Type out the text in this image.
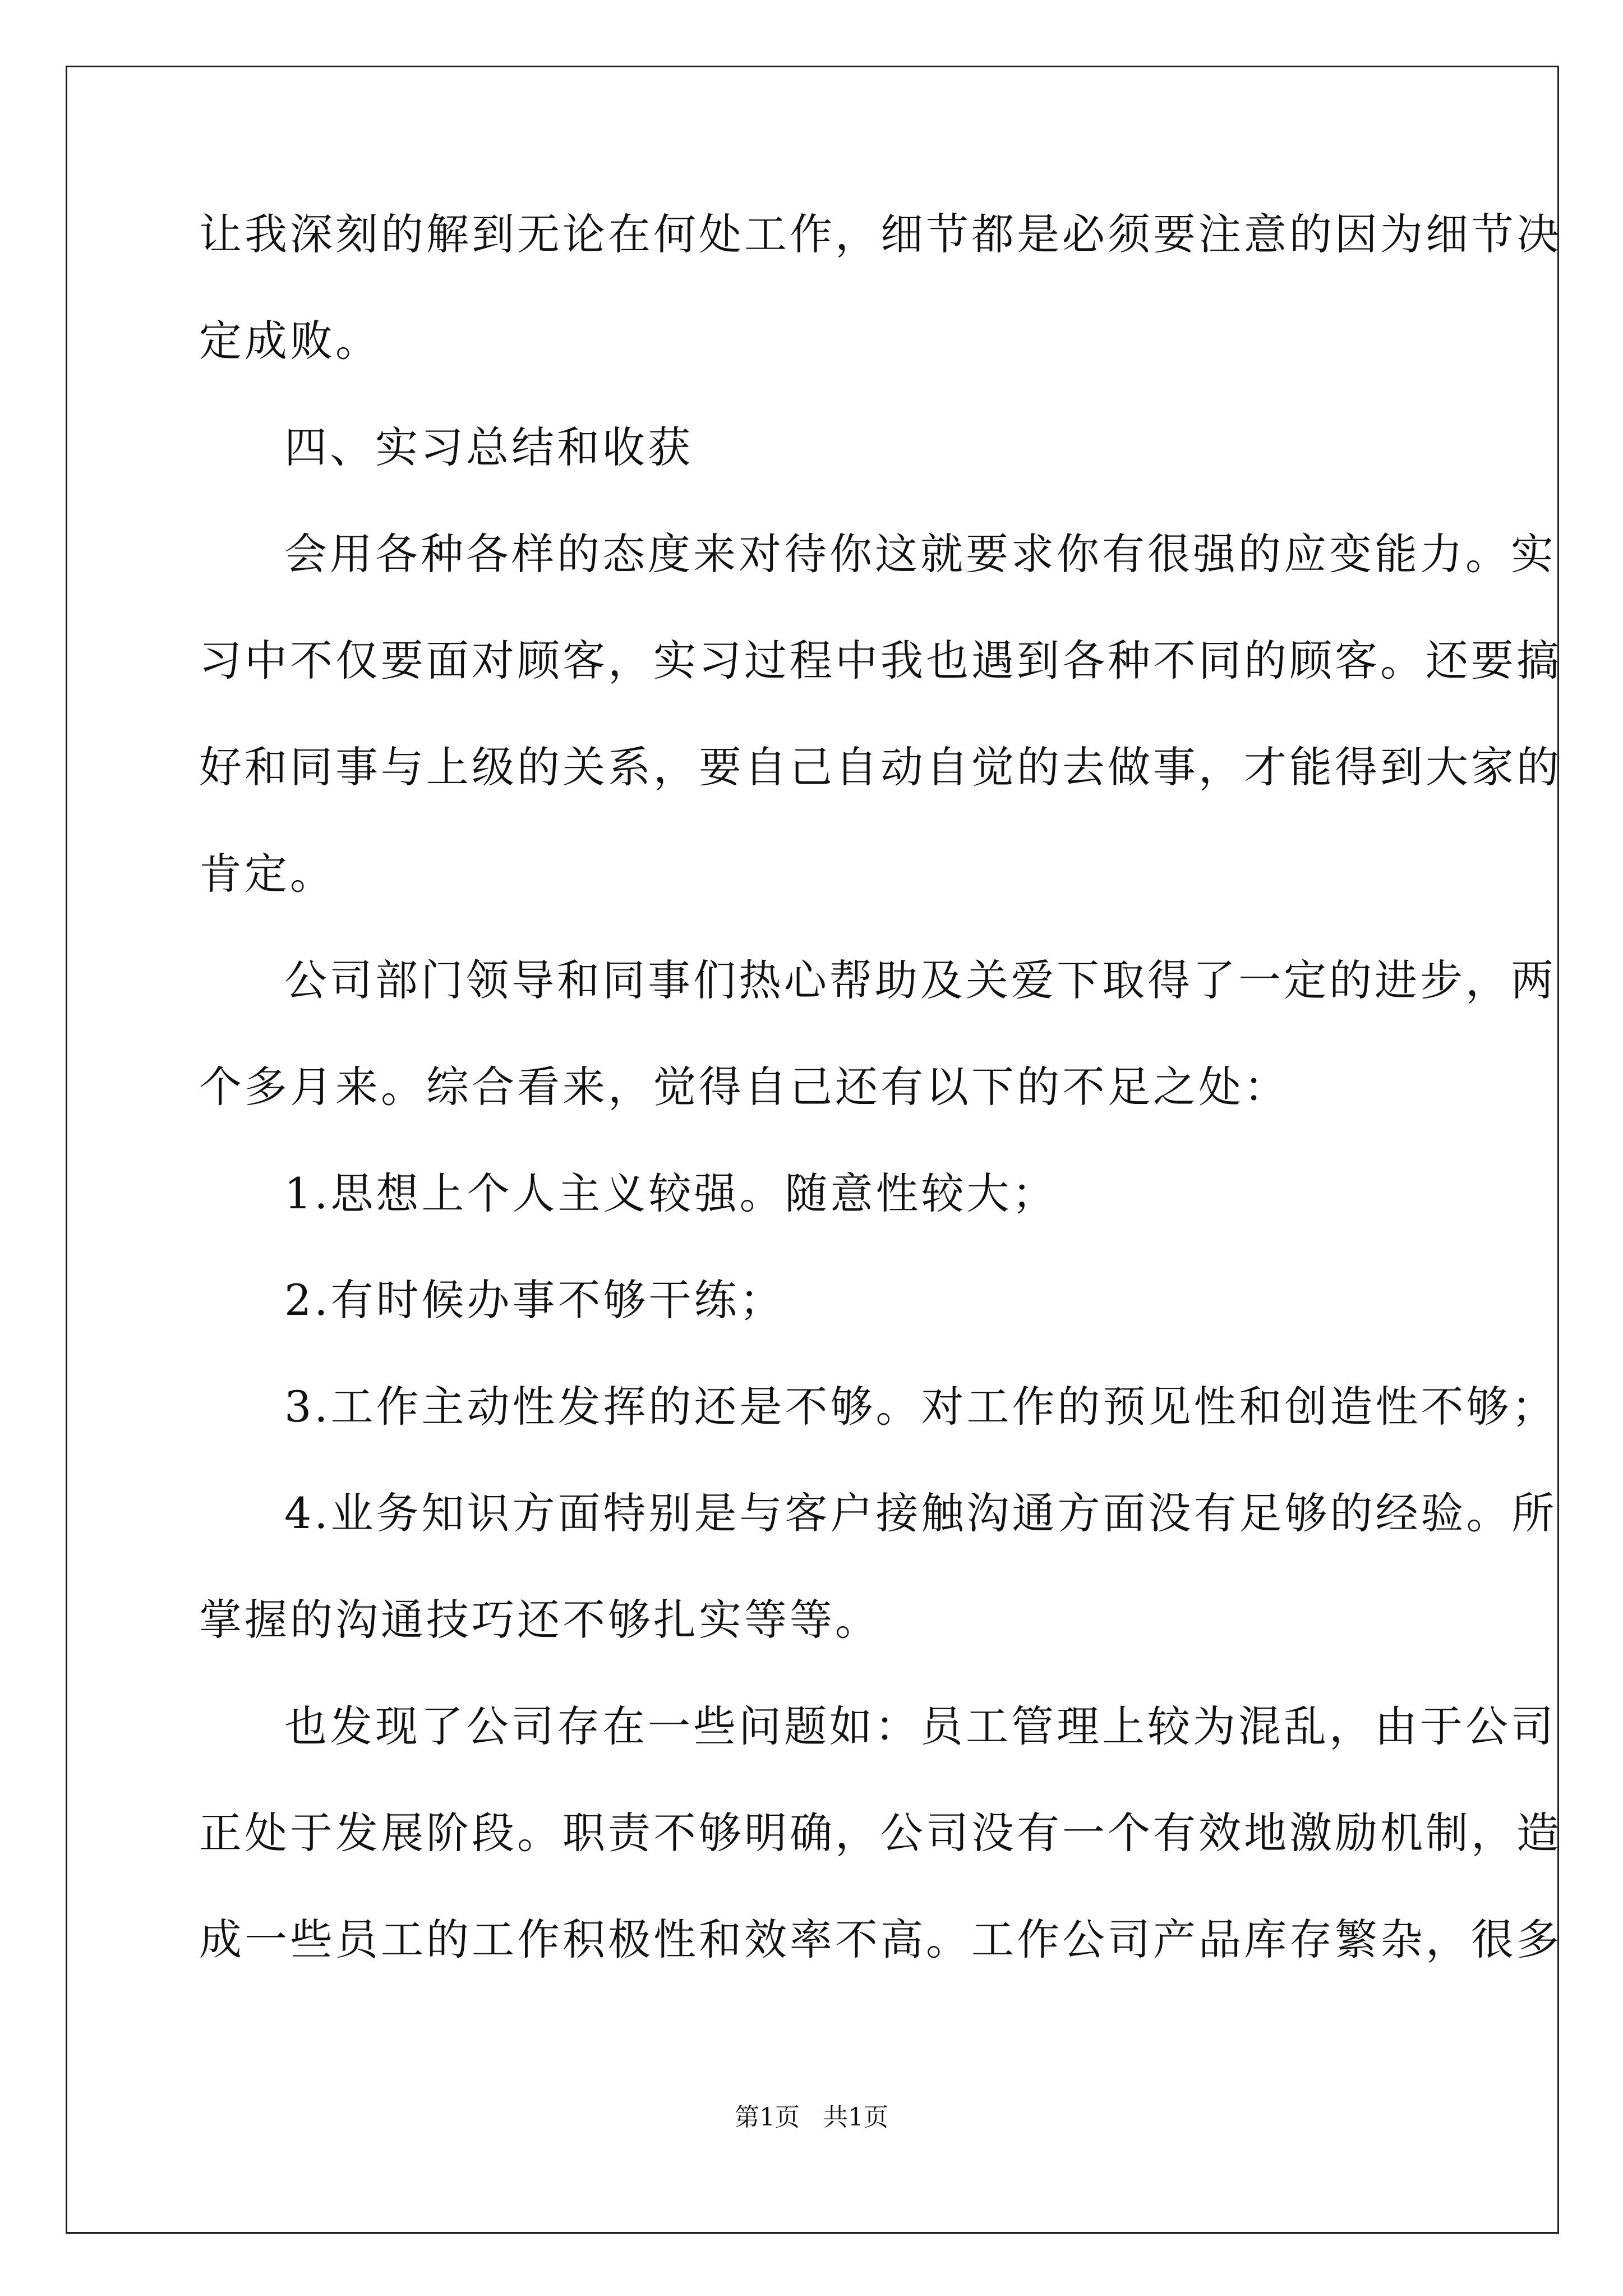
让我深刻的解到无论在何处工作，细节都是必须要注意的因为细节决
定成败。
四、实习总结和收获
会用各种各样的态度来对待你这就要求你有很强的应变能力。实
习中不仅要面对顾客，实习过程中我也遇到各种不同的顾客。还要搞
好和同事与上级的关系，要自己自动自觉的去做事，才能得到大家的
肯定。
公司部门领导和同事们热心帮助及关爱下取得了一定的进步，两
个多月来。综合看来，觉得自己还有以下的不足之处：
1.思想上个人主义较强。随意性较大；
2.有时候办事不够干练；
3.工作主动性发挥的还是不够。对工作的预见性和创造性不够；
4.业务知识方面特别是与客户接触沟通方面没有足够的经验。所
掌握的沟通技巧还不够扎实等等。
也发现了公司存在一些问题如：员工管理上较为混乱，由于公司
正处于发展阶段。职责不够明确，公司没有一个有效地激励机制，造
成一些员工的工作积极性和效率不高。工作公司产品库存繁杂，很多
第1页   共1页
